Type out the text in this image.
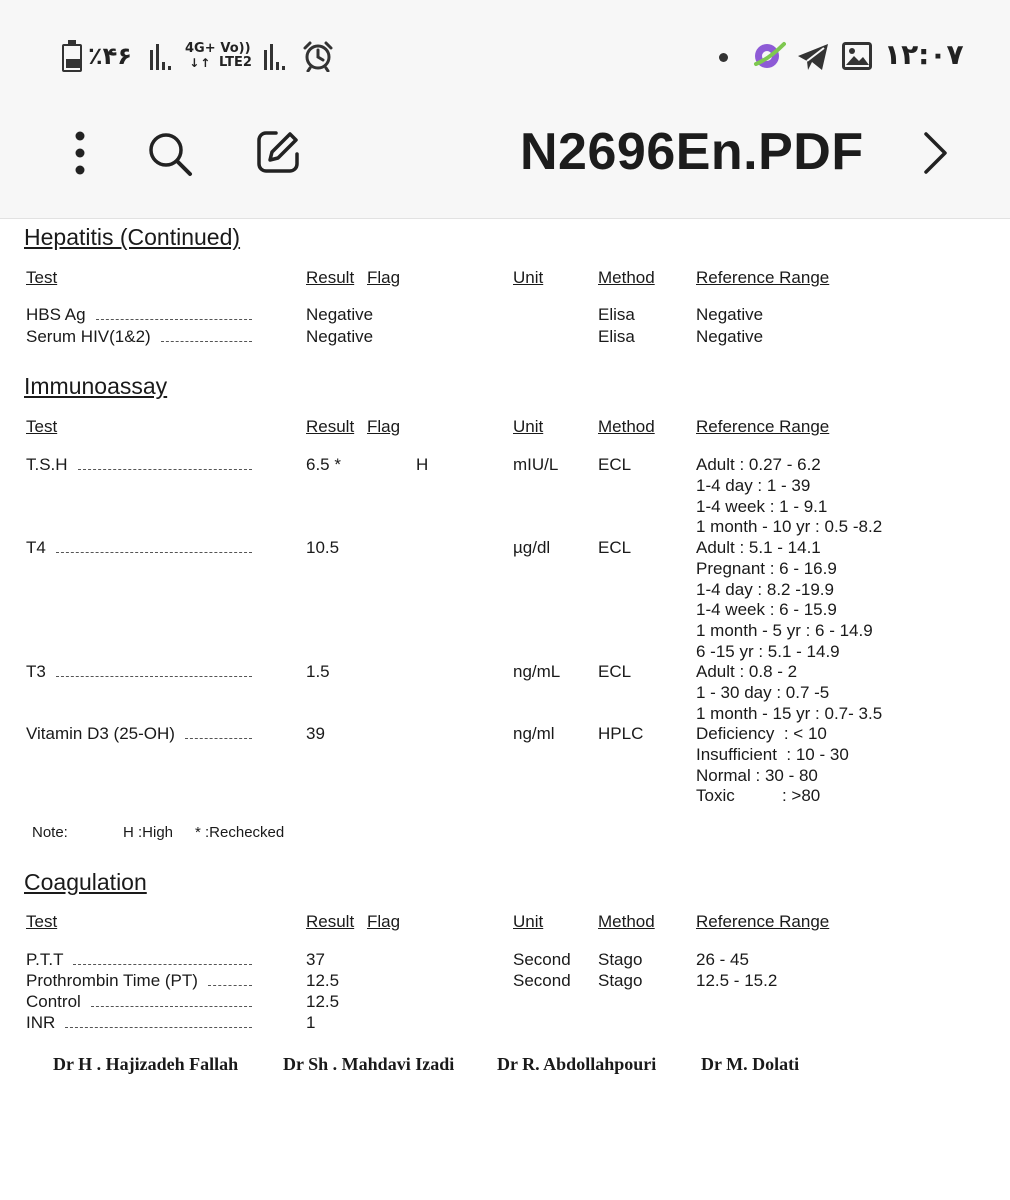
٪۴۶	4G+
↓↑
Vo))
LTE2	۱۲:۰۷
N2696En.PDF
Hepatitis (Continued)
Test	Result Flag	Unit	Method Reference Range
HBS Ag	Negative	Elisa	Negative
Serum HIV(1&2)	Negative	Elisa	Negative
Immunoassay
Test	Result Flag	Unit	Method Reference Range
T.S.H	6.5 *	H	mIU/L ECL	Adult : 0.27 - 6.2
1-4 day : 1 - 39
1-4 week : 1 - 9.1
1 month - 10 yr : 0.5 -8.2
T4	10.5	µg/dl	ECL	Adult : 5.1 - 14.1
Pregnant : 6 - 16.9
1-4 day : 8.2 -19.9
1-4 week : 6 - 15.9
1 month - 5 yr : 6 - 14.9
6 -15 yr : 5.1 - 14.9
T3	1.5	ng/mL ECL	Adult : 0.8 - 2
1 - 30 day : 0.7 -5
1 month - 15 yr : 0.7- 3.5
Vitamin D3 (25-OH)	39	ng/ml	HPLC	Deficiency  : < 10
Insufficient  : 10 - 30
Normal : 30 - 80
Toxic          : >80
Note:	H :High * :Rechecked
Coagulation
Test	Result Flag	Unit	Method Reference Range
P.T.T	37	Second Stago	26 - 45
Prothrombin Time (PT)	12.5	Second Stago	12.5 - 15.2
Control	12.5
INR	1
Dr H . Hajizadeh Fallah Dr Sh . Mahdavi Izadi Dr R. Abdollahpouri Dr M. Dolati
